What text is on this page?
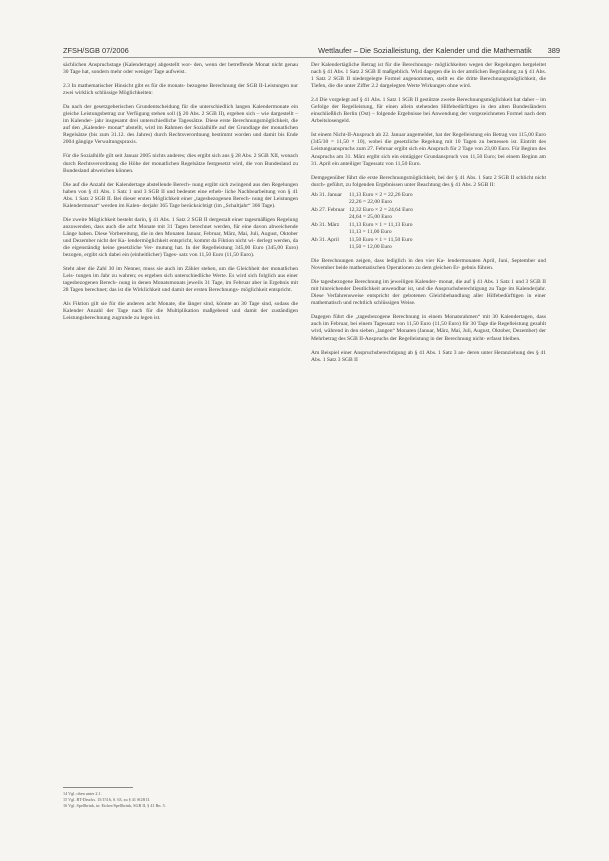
ZFSH/SGB 07/2006	Wettlaufer – Die Sozialleistung, der Kalender und die Mathematik	389

sächlichen Anspruchstage (Kalendertage) abgestellt wor- den, wenn der betreffende Monat nicht genau 30 Tage hat, sondern mehr oder weniger Tage aufweist.

2.3 In mathematischer Hinsicht gibt es für die monats- bezogene Berechnung der SGB II-Leistungen nur zwei wirklich schlüssige Möglichkeiten:

Da nach der gesetzgeberischen Grundentscheidung für die unterschiedlich langen Kalendermonate ein gleiche Leistungsbetrag zur Verfügung stehen soll (§ 20 Abs. 2 SGB II), ergeben sich – wie dargestellt – im Kalender- jahr insgesamt drei unterschiedliche Tagessätze. Diese erste Berechnungsmöglichkeit, die auf den „Kalender- monat“ abstellt, wird im Rahmen der Sozialhilfe auf der Grundlage der monatlichen Regelsätze (bis zum 31.12. des Jahres) durch Rechtsverordnung bestimmt worden und damit bis Ende 2004 gängige Verwaltungspraxis.

Für die Sozialhilfe gilt seit Januar 2005 nichts anderes; dies ergibt sich aus § 28 Abs. 2 SGB XII, wonach durch Rechtsverordnung die Höhe der monatlichen Regelsätze festgesetzt wird, die von Bundesland zu Bundesland abweichen können.

Die auf die Anzahl der Kalendertage abstellende Berech- nung ergibt sich zwingend aus den Regelungen haben von § 41 Abs. 1 Satz 1 und 3 SGB II und bedeutet eine erheb- liche Nachbearbeitung von § 41 Abs. 1 Satz 2 SGB II. Bei dieser ersten Möglichkeit einer „tagesbezogenen Berech- nung der Leistungen Kalendermonat“ werden im Kalen- derjahr 365 Tage berücksichtigt (im „Schaltjahr“ 366 Tage).

Die zweite Möglichkeit besteht darin, § 41 Abs. 1 Satz 2 SGB II dergestalt einer tagesmäßigen Regelung anzuwenden, dass auch die acht Monate mit 31 Tagen berechnet werden, für eine davon abweichende Länge haben. Diese Vorbereitung, die in den Monaten Januar, Februar, März, Mai, Juli, August, Oktober und Dezember nicht der Ka- lendermöglichkeit entspricht, kommt da Fiktion nicht wi- derlegt werden, da die eigenständig keine gesetzliche Ver- mutung hat. In der Regelleistung 345,00 Euro (345,00 Euro) bezogen, ergibt sich dabei ein (einheitlicher) Tages- satz von 11,50 Euro (11,50 Euro).

Steht aber die Zahl 30 im Nenner, muss sie auch im Zähler stehen, um die Gleichheit der monatlichen Leis- tungen im Jahr zu wahren; es ergeben sich unterschiedliche Werte. Es wird sich folglich aus einer tagesbezogenen Berech- nung in denen Monatsmonats jeweils 31 Tage, im Februar aber in Ergebnis mit 28 Tagen berechnet; das ist die Wirklichkeit und damit der ersten Berechnungs- möglichkeit entspricht.

Als Fiktion gilt sie für die anderen acht Monate, die länger sind, könnte an 30 Tage sind, sodass die Kalender Anzahl der Tage nach für die Multiplikation maßgebend und damit der zuständigen Leistungsberechnung zugrunde zu legen ist.

Der Kalendertägliche Betrag ist für die Berechnungs- möglichkeiten wegen der Regelungen hergeleitet nach § 41 Abs. 1 Satz 2 SGB II maßgeblich. Wird dagegen die in der amtlichen Begründung zu § 41 Abs. 1 Satz 2 SGB II niedergelegte Formel angenommen, stellt es die dritte Berechnungsmöglichkeit, die Tiefen, die die unter Ziffer 2.2 dargelegten Werte Wirkungen ohne wird.

2.4 Die vorgelegt auf § 41 Abs. 1 Satz 1 SGB II gestützte zweite Berechnungsmöglichkeit hat daher – im Gefolge der Regelleistung, für einen allein stehenden Hilfebedürftigen in den alten Bundesländern einschließlich Berlin (Ost) – folgende Ergebnisse bei Anwendung der vorgezeichneten Formel nach dem Arbeitslosengeld.

Ist einem Nicht-II-Anspruch ab 22. Januar angemeldet, hat der Regelleistung ein Betrag von 115,00 Euro (345/30 = 11,50 × 10), wobei die gesetzliche Regelung mit 10 Tagen zu bemessen ist. Eintritt des Leistungsanspruchs zum 27. Februar ergibt sich ein Anspruch für 2 Tage von 23,00 Euro. Für Beginn des Anspruchs am 31. März ergibt sich ein eintägiger Grundanspruch von 11,50 Euro; bei einem Beginn am 31. April ein anteiliger Tagessatz von 11,50 Euro.

Demgegenüber führt die erste Berechnungsmöglichkeit, bei der § 41 Abs. 1 Satz 2 SGB II schlicht nicht durch- geführt, zu folgenden Ergebnissen unter Beachtung des § 41 Abs. 2 SGB II:

Ab 31. Januar	11,13 Euro × 2 = 22,26 Euro
22,26 = 22,00 Euro
Ab 27. Februar 12,32 Euro × 2 = 24,64 Euro
24,64 = 25,00 Euro
Ab 31. März	11,13 Euro × 1 = 11,13 Euro
11,13 = 11,00 Euro
Ab 31. April	11,50 Euro × 1 = 11,50 Euro
11,50 = 12,00 Euro

Die Berechnungen zeigen, dass lediglich in den vier Ka- lendermonaten April, Juni, September und November beide mathematischen Operationen zu dem gleichen Er- gebnis führen.

Die tagesbezogene Berechnung im jeweiligen Kalender- monat, die auf § 41 Abs. 1 Satz 1 und 3 SGB II mit hinreichender Deutlichkeit anwendbar ist, und die Anspruchsberechtigung zu Tage im Kalenderjahr. Diese Verfahrensweise entspricht der gebotenen Gleichbehandlung aller Hilfebedürftigen in einer mathematisch und rechtlich schlüssigen Weise.

Dagegen führt die „tagesbezogene Berechnung in einem Monatsrahmen“ mit 30 Kalendertagen, dass auch im Februar, bei einem Tagessatz von 11,50 Euro (11,50 Euro) für 30 Tage die Regelleistung gezahlt wird, während in den sieben „langen“ Monaten (Januar, März, Mai, Juli, August, Oktober, Dezember) der Mehrbetrag des SGB II-Anspruchs der Regelleistung in der Berechnung nicht- erfasst bleiben.

Am Beispiel einer Anspruchsberechtigung ab § 41 Abs. 1 Satz 3 an- deren unter Heranziehung des § 41 Abs. 1 Satz 3 SGB II

14 Vgl. oben unter 2.1.
15 Vgl. BT-Drucks. 15/1516, S. 63, zu § 41 SGB II.
16 Vgl. Spellbrink, in: Eicher/Spellbrink, SGB II, § 41 Rn. 5.
